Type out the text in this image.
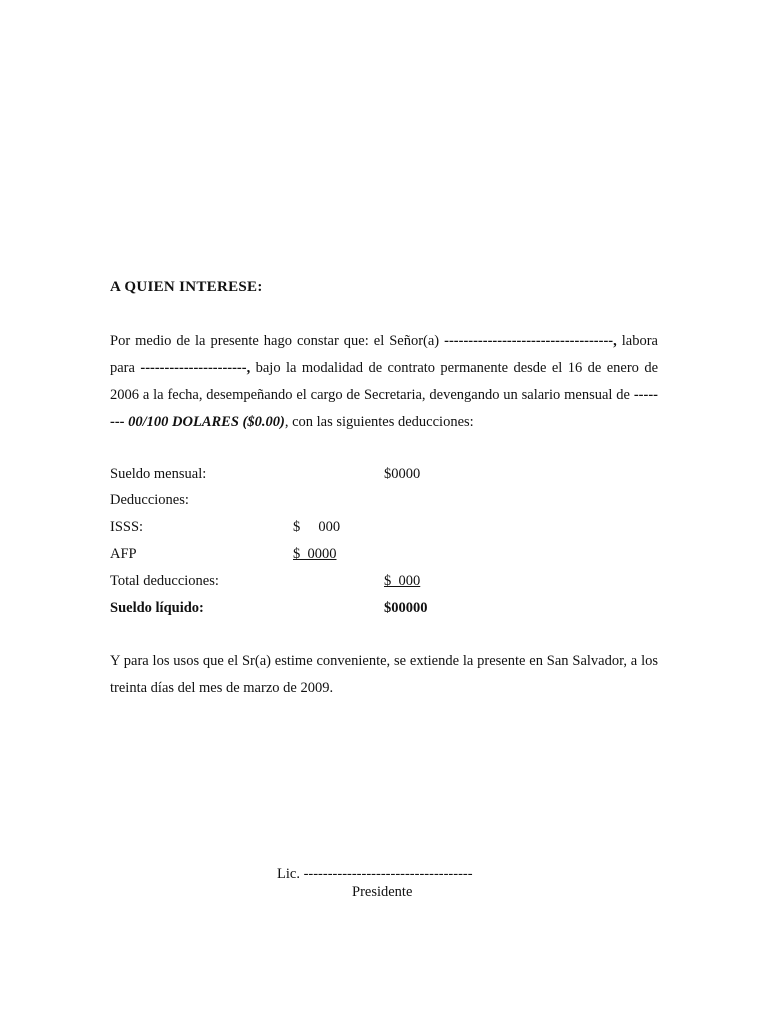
A QUIEN INTERESE:
Por medio de la presente hago constar que: el Señor(a) -----------------------------------, labora para ----------------------, bajo la modalidad de contrato permanente desde el 16 de enero de 2006 a la fecha, desempeñando el cargo de Secretaria, devengando un salario mensual de -------- 00/100 DOLARES ($0.00), con las siguientes deducciones:
Sueldo mensual:	$0000
Deducciones:
ISSS:	$     000
AFP	$  0000
Total deducciones:	$  000
Sueldo líquido:	$00000
Y para los usos que el Sr(a) estime conveniente, se extiende la presente en San Salvador, a los treinta días del mes de marzo de 2009.
Lic. -----------------------------------
Presidente
